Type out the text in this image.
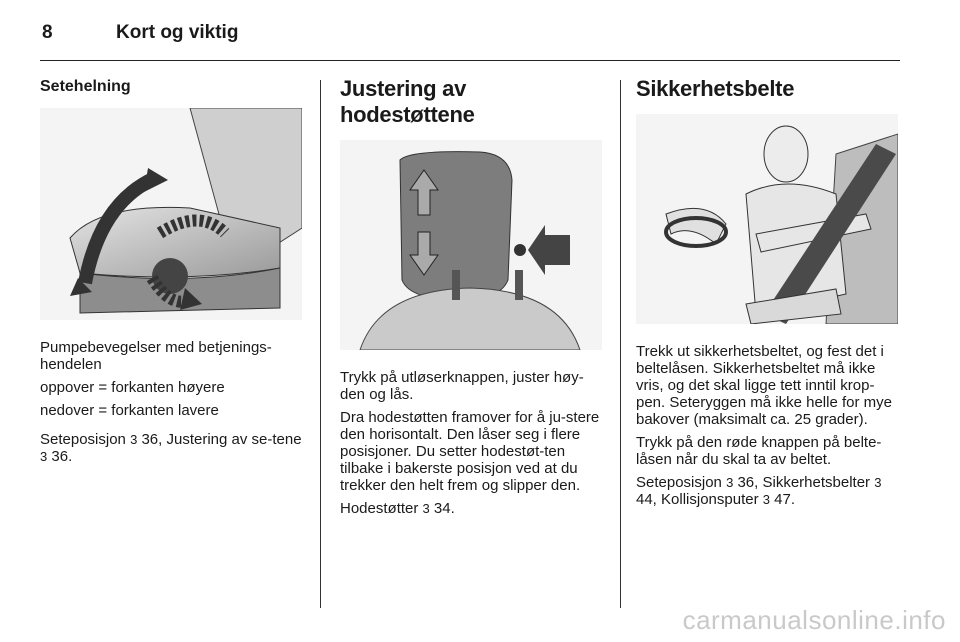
8	Kort og viktig
Setehelning

Pumpebevegelser med betjenings-hendelen

oppover = forkanten høyere

nedover = forkanten lavere

Seteposisjon 3 36, Justering av se-tene 3 36.

Justering av hodestøttene

Trykk på utløserknappen, juster høy-den og lås.

Dra hodestøtten framover for å ju-stere den horisontalt. Den låser seg i flere posisjoner. Du setter hodestøt-ten tilbake i bakerste posisjon ved at du trekker den helt frem og slipper den.

Hodestøtter 3 34.

Sikkerhetsbelte

Trekk ut sikkerhetsbeltet, og fest det i beltelåsen. Sikkerhetsbeltet må ikke vris, og det skal ligge tett inntil krop-pen. Seteryggen må ikke helle for mye bakover (maksimalt ca. 25 grader).

Trykk på den røde knappen på belte-låsen når du skal ta av beltet.

Seteposisjon 3 36, Sikkerhetsbelter 3 44, Kollisjonsputer 3 47.

carmanualsonline.info
